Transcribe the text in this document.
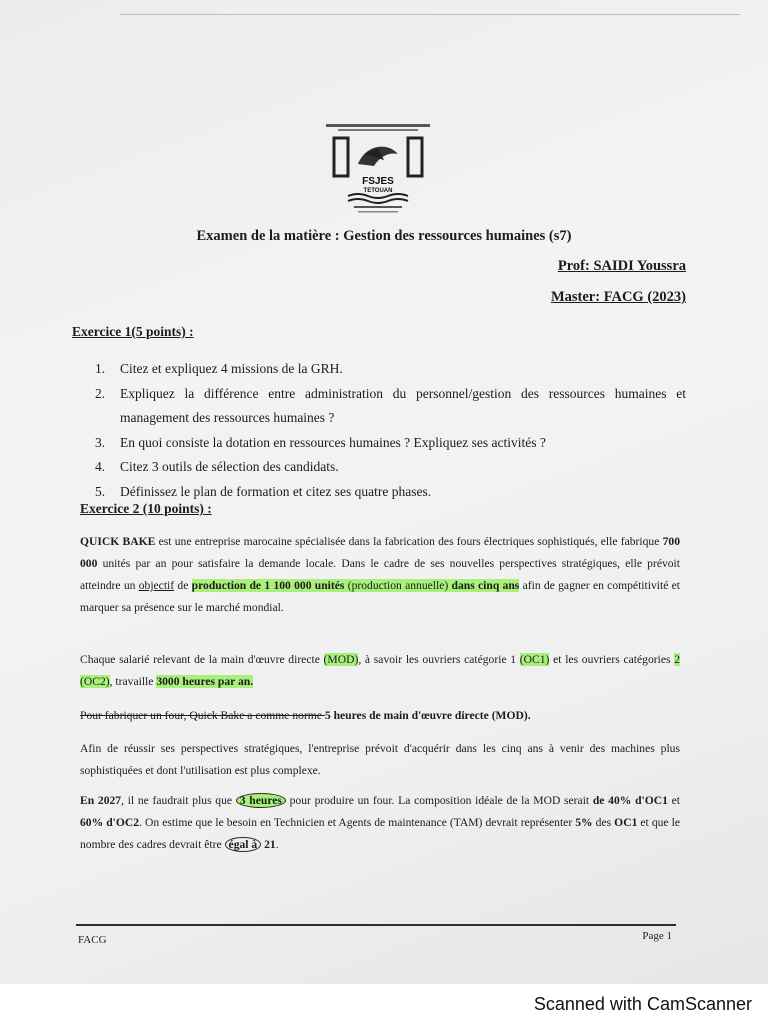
FSJES
TETOUAN
Examen de la matière : Gestion des ressources humaines (s7)
Prof: SAIDI Youssra
Master: FACG (2023)
Exercice 1(5 points) :
1. Citez et expliquez 4 missions de la GRH.
2. Expliquez la différence entre administration du personnel/gestion des ressources humaines et management des ressources humaines ?
3. En quoi consiste la dotation en ressources humaines ? Expliquez ses activités ?
4. Citez 3 outils de sélection des candidats.
5. Définissez le plan de formation et citez ses quatre phases.
Exercice 2 (10 points) :

QUICK BAKE est une entreprise marocaine spécialisée dans la fabrication des fours électriques sophistiqués, elle fabrique 700 000 unités par an pour satisfaire la demande locale. Dans le cadre de ses nouvelles perspectives stratégiques, elle prévoit atteindre un objectif de production de 1 100 000 unités (production annuelle) dans cinq ans afin de gagner en compétitivité et marquer sa présence sur le marché mondial.

Chaque salarié relevant de la main d'œuvre directe (MOD), à savoir les ouvriers catégorie 1 (OC1) et les ouvriers catégories 2 (OC2), travaille 3000 heures par an.

Pour fabriquer un four, Quick Bake a comme norme 5 heures de main d'œuvre directe (MOD).

Afin de réussir ses perspectives stratégiques, l'entreprise prévoit d'acquérir dans les cinq ans à venir des machines plus sophistiquées et dont l'utilisation est plus complexe.

En 2027, il ne faudrait plus que 3 heures pour produire un four. La composition idéale de la MOD serait de 40% d'OC1 et 60% d'OC2. On estime que le besoin en Technicien et Agents de maintenance (TAM) devrait représenter 5% des OC1 et que le nombre des cadres devrait être égal à 21.

FACG	Page 1
Scanned with CamScanner
